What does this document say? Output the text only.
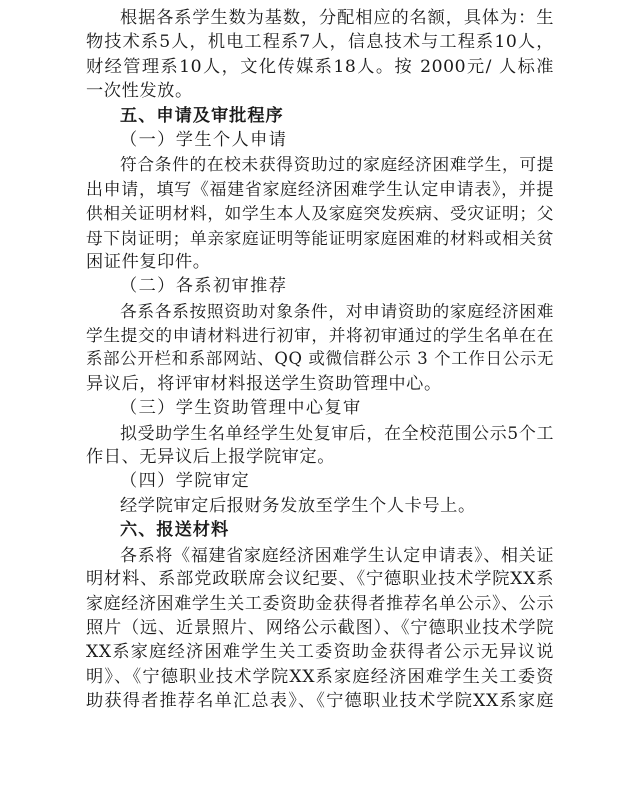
根据各系学生数为基数，分配相应的名额，具体为：生
物技术系5人，机电工程系7人，信息技术与工程系10人，
财经管理系10人，文化传媒系18人。按 2000元/ 人标准
一次性发放。
五、申请及审批程序
（一）学生个人申请
符合条件的在校未获得资助过的家庭经济困难学生，可提
出申请，填写《福建省家庭经济困难学生认定申请表》，并提
供相关证明材料，如学生本人及家庭突发疾病、受灾证明；父
母下岗证明；单亲家庭证明等能证明家庭困难的材料或相关贫
困证件复印件。
（二）各系初审推荐
各系各系按照资助对象条件，对申请资助的家庭经济困难
学生提交的申请材料进行初审，并将初审通过的学生名单在在
系部公开栏和系部网站、QQ 或微信群公示 3 个工作日公示无
异议后，将评审材料报送学生资助管理中心。
（三）学生资助管理中心复审
拟受助学生名单经学生处复审后，在全校范围公示5个工
作日、无异议后上报学院审定。
（四）学院审定
经学院审定后报财务发放至学生个人卡号上。
六、报送材料
各系将《福建省家庭经济困难学生认定申请表》、相关证
明材料、系部党政联席会议纪要、《宁德职业技术学院XX系
家庭经济困难学生关工委资助金获得者推荐名单公示》、公示
照片（远、近景照片、网络公示截图）、《宁德职业技术学院
XX系家庭经济困难学生关工委资助金获得者公示无异议说
明》、《宁德职业技术学院XX系家庭经济困难学生关工委资
助获得者推荐名单汇总表》、《宁德职业技术学院XX系家庭
